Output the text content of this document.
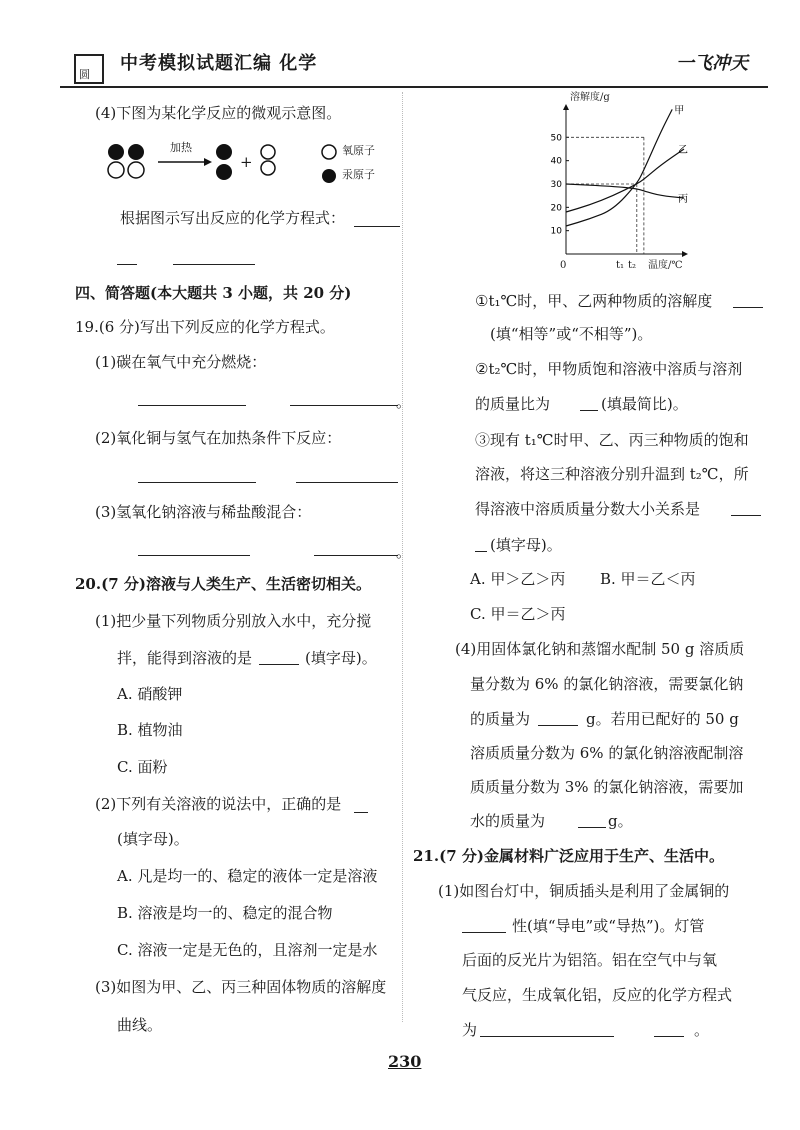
圆
中考模拟试题汇编 化学	一飞冲天
(4)下图为某化学反应的微观示意图。
加热
+
氧原子
汞原子
根据图示写出反应的化学方程式：
四、简答题(本大题共 3 小题，共 20 分)
19.(6 分)写出下列反应的化学方程式。
(1)碳在氧气中充分燃烧：
。
(2)氧化铜与氢气在加热条件下反应：
(3)氢氧化钠溶液与稀盐酸混合：
。
20.(7 分)溶液与人类生产、生活密切相关。
(1)把少量下列物质分别放入水中，充分搅
拌，能得到溶液的是	(填字母)。
A. 硝酸钾
B. 植物油
C. 面粉
(2)下列有关溶液的说法中，正确的是
(填字母)。
A. 凡是均一的、稳定的液体一定是溶液
B. 溶液是均一的、稳定的混合物
C. 溶液一定是无色的，且溶剂一定是水
(3)如图为甲、乙、丙三种固体物质的溶解度
曲线。
10
20
30
40
50
甲
乙
丙
溶解度/g
温度/℃
0	t₁ t₂
①t₁℃时，甲、乙两种物质的溶解度
(填“相等”或“不相等”)。
②t₂℃时，甲物质饱和溶液中溶质与溶剂
的质量比为	(填最简比)。
③现有 t₁℃时甲、乙、丙三种物质的饱和
溶液，将这三种溶液分别升温到 t₂℃，所
得溶液中溶质质量分数大小关系是
(填字母)。
A. 甲＞乙＞丙 B. 甲＝乙＜丙
C. 甲＝乙＞丙
(4)用固体氯化钠和蒸馏水配制 50 g 溶质质
量分数为 6% 的氯化钠溶液，需要氯化钠
的质量为	g。若用已配好的 50 g
溶质质量分数为 6% 的氯化钠溶液配制溶
质质量分数为 3% 的氯化钠溶液，需要加
水的质量为	g。
21.(7 分)金属材料广泛应用于生产、生活中。
(1)如图台灯中，铜质插头是利用了金属铜的
性(填“导电”或“导热”)。灯管
后面的反光片为铝箔。铝在空气中与氧
气反应，生成氧化铝，反应的化学方程式
为	。
230
